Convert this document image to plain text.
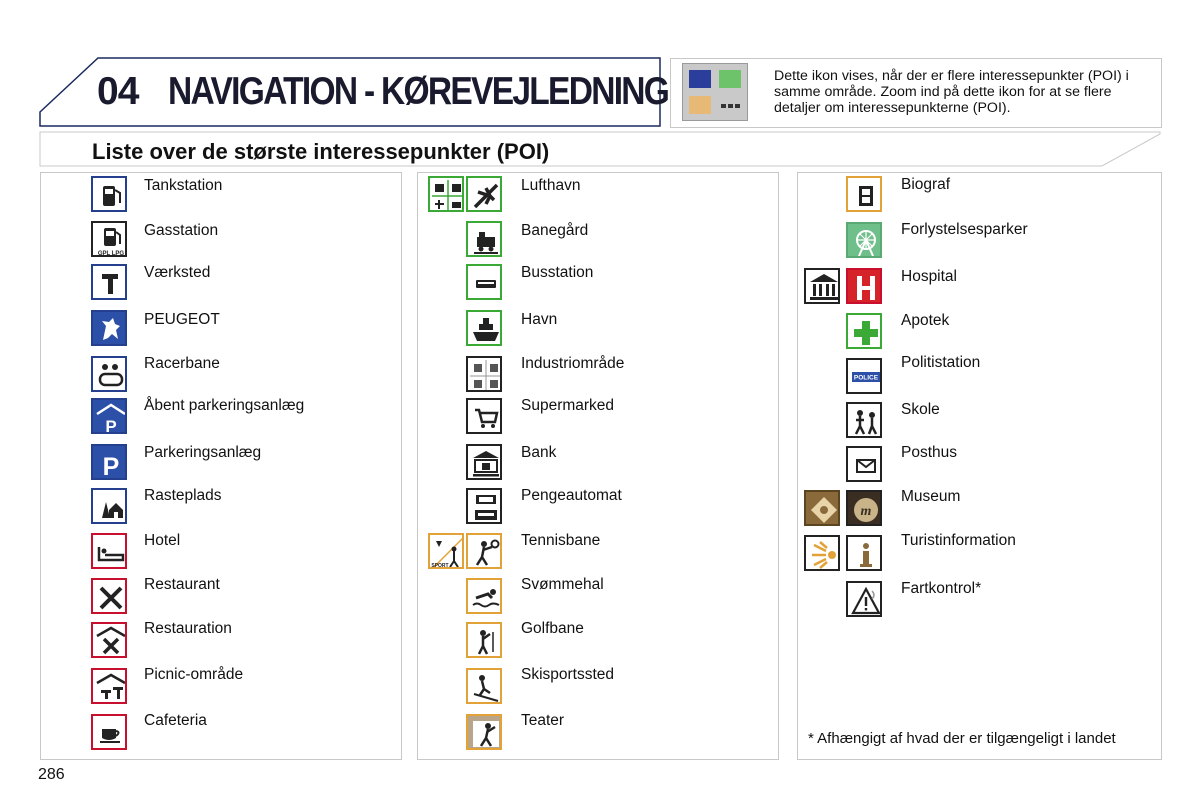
04 NAVIGATION - KØREVEJLEDNING	Dette ikon vises, når der er flere interessepunkter (POI) i samme område. Zoom ind på dette ikon for at se flere detaljer om interessepunkterne (POI).
Liste over de største interessepunkter (POI)
Tankstation
GPL LPG
Gasstation
Værksted
PEUGEOT
Racerbane
P
Åbent parkeringsanlæg
P
Parkeringsanlæg
Rasteplads
Hotel
Restaurant
Restauration
Picnic-område
Cafeteria
Lufthavn
Banegård
Busstation
Havn
Industriområde
Supermarked
Bank
Pengeautomat
SPORT
Tennisbane
Svømmehal
Golfbane
Skisportssted
Teater
Biograf
Forlystelsesparker
Hospital
Apotek
POLICE
Politistation
Skole
Posthus
m
Museum
Turistinformation
Fartkontrol*
* Afhængigt af hvad der er tilgængeligt i landet
286
